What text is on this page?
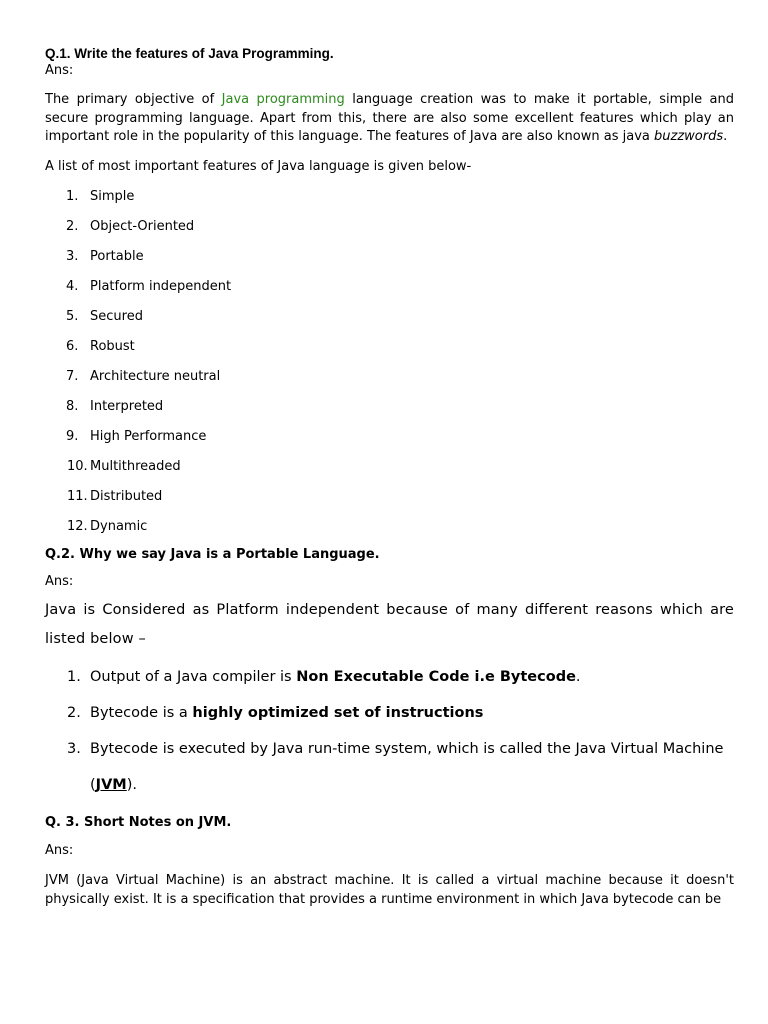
Q.1. Write the features of Java Programming.

Ans:

The primary objective of Java programming language creation was to make it portable, simple and secure programming language. Apart from this, there are also some excellent features which play an important role in the popularity of this language. The features of Java are also known as java buzzwords.

A list of most important features of Java language is given below-

1. Simple
2. Object-Oriented
3. Portable
4. Platform independent
5. Secured
6. Robust
7. Architecture neutral
8. Interpreted
9. High Performance
10. Multithreaded
11. Distributed
12. Dynamic

Q.2. Why we say Java is a Portable Language.

Ans:

Java is Considered as Platform independent because of many different reasons which are listed below –

1. Output of a Java compiler is Non Executable Code i.e Bytecode.
2. Bytecode is a highly optimized set of instructions
3. Bytecode is executed by Java run-time system, which is called the Java Virtual Machine (JVM).

Q. 3. Short Notes on JVM.

Ans:

JVM (Java Virtual Machine) is an abstract machine. It is called a virtual machine because it doesn't physically exist. It is a specification that provides a runtime environment in which Java bytecode can be
